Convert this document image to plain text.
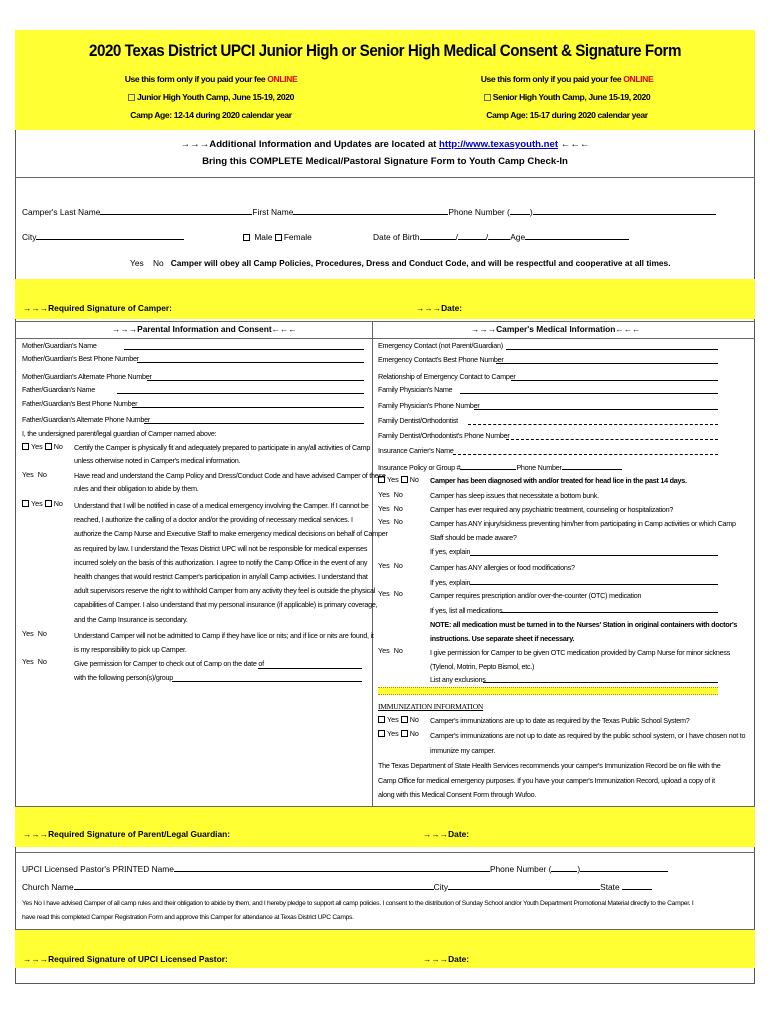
2020 Texas District UPCI Junior High or Senior High Medical Consent & Signature Form
Use this form only if you paid your fee ONLINE
Junior High Youth Camp, June 15-19, 2020
Camp Age: 12-14 during 2020 calendar year
Use this form only if you paid your fee ONLINE
Senior High Youth Camp, June 15-19, 2020
Camp Age: 15-17 during 2020 calendar year
→→→Additional Information and Updates are located at http://www.texasyouth.net ←←←
Bring this COMPLETE Medical/Pastoral Signature Form to Youth Camp Check-In
Camper's Last Name	First Name	Phone Number ( )
City	Male Female	Date of Birth	/	/	Age
Yes No Camper will obey all Camp Policies, Procedures, Dress and Conduct Code, and will be respectful and cooperative at all times.
→→→Required Signature of Camper:	→→→Date:
→→→Parental Information and Consent←←←	→→→Camper's Medical Information←←←
Mother/Guardian's Name
Mother/Guardian's Best Phone Number
Mother/Guardian's Alternate Phone Number
Father/Guardian's Name
Father/Guardian's Best Phone Number
Father/Guardian's Alternate Phone Number
I, the undersigned parent/legal guardian of Camper named above:
Yes No Certify the Camper is physically fit and adequately prepared to participate in any/all activities of Camp
unless otherwise noted in Camper's medical information.
Yes No	Have read and understand the Camp Policy and Dress/Conduct Code and have advised Camper of these
rules and their obligation to abide by them.
Yes No Understand that I will be notified in case of a medical emergency involving the Camper. If I cannot be
reached, I authorize the calling of a doctor and/or the providing of necessary medical services. I
authorize the Camp Nurse and Executive Staff to make emergency medical decisions on behalf of Camper
as required by law. I understand the Texas District UPC will not be responsible for medical expenses
incurred solely on the basis of this authorization. I agree to notify the Camp Office in the event of any
health changes that would restrict Camper's participation in any/all Camp activities. I understand that
adult supervisors reserve the right to withhold Camper from any activity they feel is outside the physical
capabilities of Camper. I also understand that my personal insurance (if applicable) is primary coverage,
and the Camp Insurance is secondary.
Yes No	Understand Camper will not be admitted to Camp if they have lice or nits; and if lice or nits are found, it
is my responsibility to pick up Camper.
Yes No	Give permission for Camper to check out of Camp on the date of
with the following person(s)/group
Emergency Contact (not Parent/Guardian)
Emergency Contact's Best Phone Number
Relationship of Emergency Contact to Camper
Family Physician's Name
Family Physician's Phone Number
Family Dentist/Orthodontist
Family Dentist/Orthodontist's Phone Number
Insurance Carrier's Name
Insurance Policy or Group #	Phone Number
Yes No Camper has been diagnosed with and/or treated for head lice in the past 14 days.
Yes No	Camper has sleep issues that necessitate a bottom bunk.
Yes No	Camper has ever required any psychiatric treatment, counseling or hospitalization?
Yes No	Camper has ANY injury/sickness preventing him/her from participating in Camp activities or which Camp
Staff should be made aware?
If yes, explain
Yes No	Camper has ANY allergies or food modifications?
If yes, explain
Yes No	Camper requires prescription and/or over-the-counter (OTC) medication
If yes, list all medications
NOTE: all medication must be turned in to the Nurses' Station in original containers with doctor's
instructions. Use separate sheet if necessary.
Yes No	I give permission for Camper to be given OTC medication provided by Camp Nurse for minor sickness
(Tylenol, Motrin, Pepto Bismol, etc.)
List any exclusions
IMMUNIZATION INFORMATION
Yes No Camper's immunizations are up to date as required by the Texas Public School System?
Yes No Camper's immunizations are not up to date as required by the public school system, or I have chosen not to
immunize my camper.
The Texas Department of State Health Services recommends your camper's Immunization Record be on file with the
Camp Office for medical emergency purposes. If you have your camper's Immunization Record, upload a copy of it
along with this Medical Consent Form through Wufoo.
→→→Required Signature of Parent/Legal Guardian:	→→→Date:
UPCI Licensed Pastor's PRINTED Name	Phone Number (	)
Church Name	City	State
Yes No I have advised Camper of all camp rules and their obligation to abide by them, and I hereby pledge to support all camp policies. I consent to the distribution of Sunday School and/or Youth Department Promotional Material directly to the Camper. I
have read this completed Camper Registration Form and approve this Camper for attendance at Texas District UPC Camps.
→→→Required Signature of UPCI Licensed Pastor:	→→→Date:
